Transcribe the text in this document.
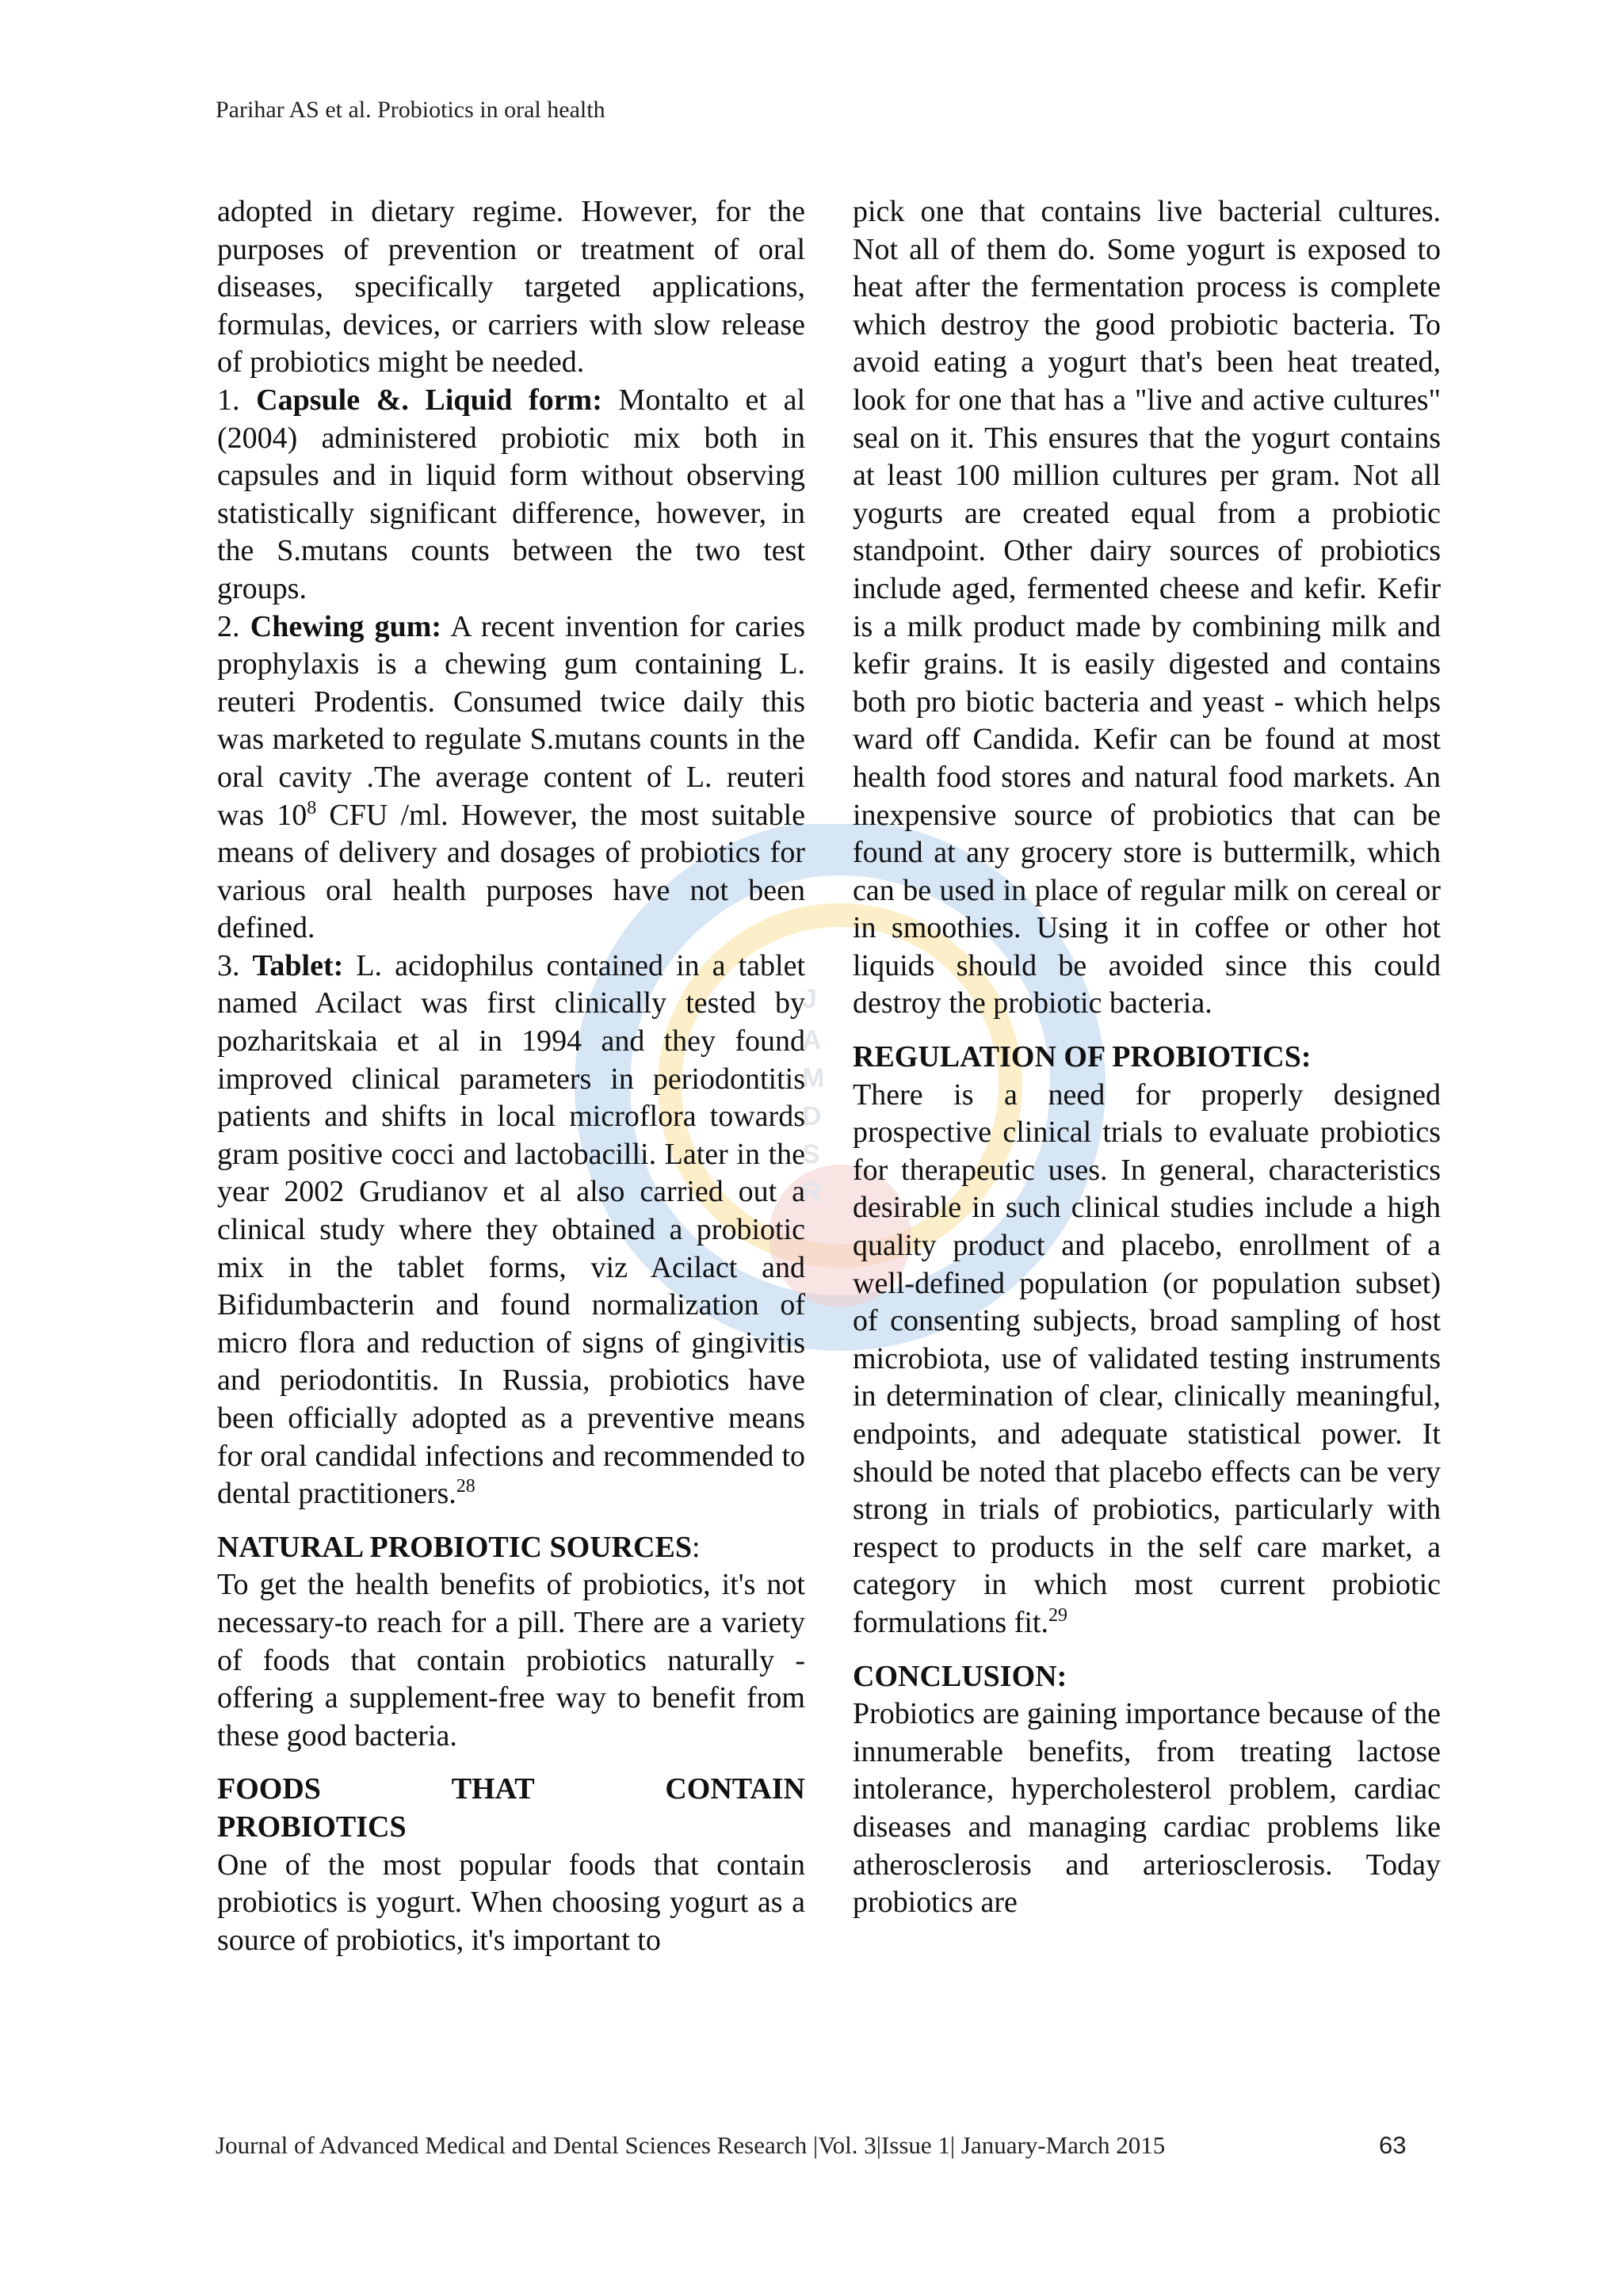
Parihar AS et al. Probiotics in oral health
J
A
M
D
S
R

adopted in dietary regime. However, for the purposes of prevention or treatment of oral diseases, specifically targeted applications, formulas, devices, or carriers with slow release of probiotics might be needed.

1. Capsule &. Liquid form: Montalto et al (2004) administered probiotic mix both in capsules and in liquid form without observing statistically significant difference, however, in the S.mutans counts between the two test groups.

2. Chewing gum: A recent invention for caries prophylaxis is a chewing gum containing L. reuteri Prodentis. Consumed twice daily this was marketed to regulate S.mutans counts in the oral cavity .The average content of L. reuteri was $10^8$ CFU /ml. However, the most suitable means of delivery and dosages of probiotics for various oral health purposes have not been defined.

3. Tablet: L. acidophilus contained in a tablet named Acilact was first clinically tested by pozharitskaia et al in 1994 and they found improved clinical parameters in periodontitis patients and shifts in local microflora towards gram positive cocci and lactobacilli. Later in the year 2002 Grudianov et al also carried out a clinical study where they obtained a probiotic mix in the tablet forms, viz Acilact and Bifidumbacterin and found normalization of micro flora and reduction of signs of gingivitis and periodontitis. In Russia, probiotics have been officially adopted as a preventive means for oral candidal infections and recommended to dental practitioners.$^{28}$

NATURAL PROBIOTIC SOURCES:

To get the health benefits of probiotics, it's not necessary-to reach for a pill. There are a variety of foods that contain probiotics naturally - offering a supplement-free way to benefit from these good bacteria.

FOODS THAT CONTAIN

PROBIOTICS

One of the most popular foods that contain probiotics is yogurt. When choosing yogurt as a source of probiotics, it's important to

pick one that contains live bacterial cultures. Not all of them do. Some yogurt is exposed to heat after the fermentation process is complete which destroy the good probiotic bacteria. To avoid eating a yogurt that's been heat treated, look for one that has a "live and active cultures" seal on it. This ensures that the yogurt contains at least 100 million cultures per gram. Not all yogurts are created equal from a probiotic standpoint. Other dairy sources of probiotics include aged, fermented cheese and kefir. Kefir is a milk product made by combining milk and kefir grains. It is easily digested and contains both pro biotic bacteria and yeast - which helps ward off Candida. Kefir can be found at most health food stores and natural food markets. An inexpensive source of probiotics that can be found at any grocery store is buttermilk, which can be used in place of regular milk on cereal or in smoothies. Using it in coffee or other hot liquids should be avoided since this could destroy the probiotic bacteria.

REGULATION OF PROBIOTICS:

There is a need for properly designed prospective clinical trials to evaluate probiotics for therapeutic uses. In general, characteristics desirable in such clinical studies include a high quality product and placebo, enrollment of a well-defined population (or population subset) of consenting subjects, broad sampling of host microbiota, use of validated testing instruments in determination of clear, clinically meaningful, endpoints, and adequate statistical power. It should be noted that placebo effects can be very strong in trials of probiotics, particularly with respect to products in the self care market, a category in which most current probiotic formulations fit.$^{29}$

CONCLUSION:

Probiotics are gaining importance because of the innumerable benefits, from treating lactose intolerance, hypercholesterol problem, cardiac diseases and managing cardiac problems like atherosclerosis and arteriosclerosis. Today probiotics are

Journal of Advanced Medical and Dental Sciences Research |Vol. 3|Issue 1| January-March 2015	63
